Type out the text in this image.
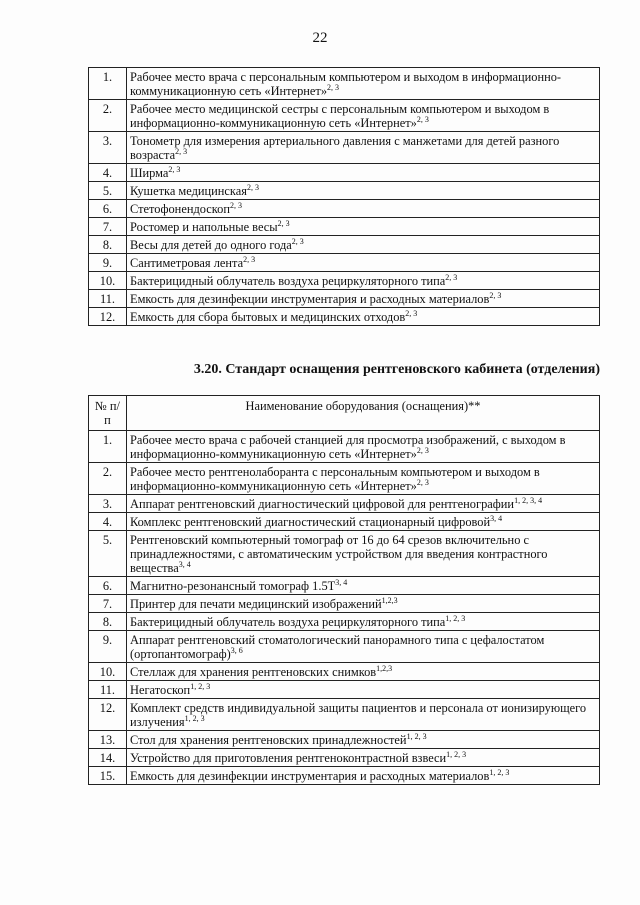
22
1.	Рабочее место врача с персональным компьютером и выходом в информационно-коммуникационную сеть «Интернет»$^{2, 3}$
2.	Рабочее место медицинской сестры с персональным компьютером и выходом в информационно-коммуникационную сеть «Интернет»$^{2, 3}$
3.	Тонометр для измерения артериального давления с манжетами для детей разного возраста$^{2, 3}$
4.	Ширма$^{2, 3}$
5.	Кушетка медицинская$^{2, 3}$
6.	Стетофонендоскоп$^{2, 3}$
7.	Ростомер и напольные весы$^{2, 3}$
8.	Весы для детей до одного года$^{2, 3}$
9.	Сантиметровая лента$^{2, 3}$
10.	Бактерицидный облучатель воздуха рециркуляторного типа$^{2, 3}$
11.	Емкость для дезинфекции инструментария и расходных материалов$^{2, 3}$
12.	Емкость для сбора бытовых и медицинских отходов$^{2, 3}$
3.20. Стандарт оснащения рентгеновского кабинета (отделения)
№ п/п	Наименование оборудования (оснащения)**
1.	Рабочее место врача с рабочей станцией для просмотра изображений, с выходом в информационно-коммуникационную сеть «Интернет»$^{2, 3}$
2.	Рабочее место рентгенолаборанта с персональным компьютером и выходом в информационно-коммуникационную сеть «Интернет»$^{2, 3}$
3.	Аппарат рентгеновский диагностический цифровой для рентгенографии$^{1, 2, 3, 4}$
4.	Комплекс рентгеновский диагностический стационарный цифровой$^{3, 4}$
5.	Рентгеновский компьютерный томограф от 16 до 64 срезов включительно с принадлежностями, с автоматическим устройством для введения контрастного вещества$^{3, 4}$
6.	Магнитно-резонансный томограф $1.5Т^{3, 4}$
7.	Принтер для печати медицинский изображений$^{1,2,3}$
8.	Бактерицидный облучатель воздуха рециркуляторного типа$^{1, 2, 3}$
9.	Аппарат рентгеновский стоматологический панорамного типа с цефалостатом (ортопантомограф)$^{3, 6}$
10.	Стеллаж для хранения рентгеновских снимков$^{1,2,3}$
11.	Негатоскоп$^{1, 2, 3}$
12.	Комплект средств индивидуальной защиты пациентов и персонала от ионизирующего излучения$^{1, 2, 3}$
13.	Стол для хранения рентгеновских принадлежностей$^{1, 2, 3}$
14.	Устройство для приготовления рентгеноконтрастной взвеси$^{1, 2, 3}$
15.	Емкость для дезинфекции инструментария и расходных материалов$^{1, 2, 3}$
